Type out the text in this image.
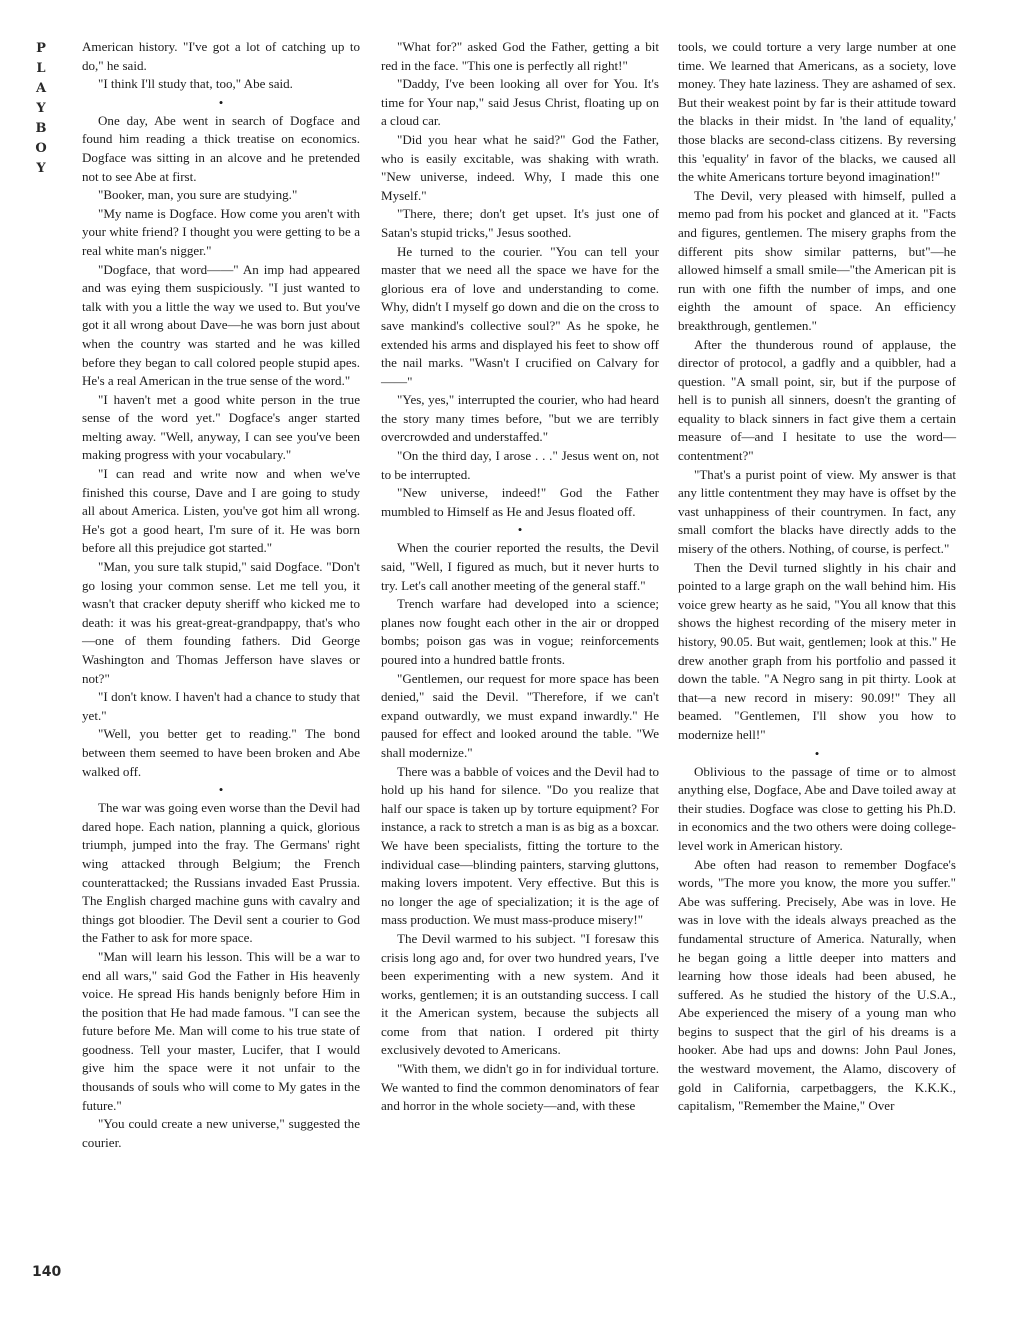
P
L
A
Y
B
O
Y

American history. "I've got a lot of catching up to do," he said.

"I think I'll study that, too," Abe said.

•

One day, Abe went in search of Dogface and found him reading a thick treatise on economics. Dogface was sitting in an alcove and he pretended not to see Abe at first.

"Booker, man, you sure are studying."

"My name is Dogface. How come you aren't with your white friend? I thought you were getting to be a real white man's nigger."

"Dogface, that word——" An imp had appeared and was eying them suspiciously. "I just wanted to talk with you a little the way we used to. But you've got it all wrong about Dave—he was born just about when the country was started and he was killed before they began to call colored people stupid apes. He's a real American in the true sense of the word."

"I haven't met a good white person in the true sense of the word yet." Dogface's anger started melting away. "Well, anyway, I can see you've been making progress with your vocabulary."

"I can read and write now and when we've finished this course, Dave and I are going to study all about America. Listen, you've got him all wrong. He's got a good heart, I'm sure of it. He was born before all this prejudice got started."

"Man, you sure talk stupid," said Dogface. "Don't go losing your common sense. Let me tell you, it wasn't that cracker deputy sheriff who kicked me to death: it was his great-great-grandpappy, that's who—one of them founding fathers. Did George Washington and Thomas Jefferson have slaves or not?"

"I don't know. I haven't had a chance to study that yet."

"Well, you better get to reading." The bond between them seemed to have been broken and Abe walked off.

•

The war was going even worse than the Devil had dared hope. Each nation, planning a quick, glorious triumph, jumped into the fray. The Germans' right wing attacked through Belgium; the French counterattacked; the Russians invaded East Prussia. The English charged machine guns with cavalry and things got bloodier. The Devil sent a courier to God the Father to ask for more space.

"Man will learn his lesson. This will be a war to end all wars," said God the Father in His heavenly voice. He spread His hands benignly before Him in the position that He had made famous. "I can see the future before Me. Man will come to his true state of goodness. Tell your master, Lucifer, that I would give him the space were it not unfair to the thousands of souls who will come to My gates in the future."

"You could create a new universe," suggested the courier.

"What for?" asked God the Father, getting a bit red in the face. "This one is perfectly all right!"

"Daddy, I've been looking all over for You. It's time for Your nap," said Jesus Christ, floating up on a cloud car.

"Did you hear what he said?" God the Father, who is easily excitable, was shaking with wrath. "New universe, indeed. Why, I made this one Myself."

"There, there; don't get upset. It's just one of Satan's stupid tricks," Jesus soothed.

He turned to the courier. "You can tell your master that we need all the space we have for the glorious era of love and understanding to come. Why, didn't I myself go down and die on the cross to save mankind's collective soul?" As he spoke, he extended his arms and displayed his feet to show off the nail marks. "Wasn't I crucified on Calvary for——"

"Yes, yes," interrupted the courier, who had heard the story many times before, "but we are terribly overcrowded and understaffed."

"On the third day, I arose . . ." Jesus went on, not to be interrupted.

"New universe, indeed!" God the Father mumbled to Himself as He and Jesus floated off.

•

When the courier reported the results, the Devil said, "Well, I figured as much, but it never hurts to try. Let's call another meeting of the general staff."

Trench warfare had developed into a science; planes now fought each other in the air or dropped bombs; poison gas was in vogue; reinforcements poured into a hundred battle fronts.

"Gentlemen, our request for more space has been denied," said the Devil. "Therefore, if we can't expand outwardly, we must expand inwardly." He paused for effect and looked around the table. "We shall modernize."

There was a babble of voices and the Devil had to hold up his hand for silence. "Do you realize that half our space is taken up by torture equipment? For instance, a rack to stretch a man is as big as a boxcar. We have been specialists, fitting the torture to the individual case—blinding painters, starving gluttons, making lovers impotent. Very effective. But this is no longer the age of specialization; it is the age of mass production. We must mass-produce misery!"

The Devil warmed to his subject. "I foresaw this crisis long ago and, for over two hundred years, I've been experimenting with a new system. And it works, gentlemen; it is an outstanding success. I call it the American system, because the subjects all come from that nation. I ordered pit thirty exclusively devoted to Americans.

"With them, we didn't go in for individual torture. We wanted to find the common denominators of fear and horror in the whole society—and, with these

tools, we could torture a very large number at one time. We learned that Americans, as a society, love money. They hate laziness. They are ashamed of sex. But their weakest point by far is their attitude toward the blacks in their midst. In 'the land of equality,' those blacks are second-class citizens. By reversing this 'equality' in favor of the blacks, we caused all the white Americans torture beyond imagination!"

The Devil, very pleased with himself, pulled a memo pad from his pocket and glanced at it. "Facts and figures, gentlemen. The misery graphs from the different pits show similar patterns, but"—he allowed himself a small smile—"the American pit is run with one fifth the number of imps, and one eighth the amount of space. An efficiency breakthrough, gentlemen."

After the thunderous round of applause, the director of protocol, a gadfly and a quibbler, had a question. "A small point, sir, but if the purpose of hell is to punish all sinners, doesn't the granting of equality to black sinners in fact give them a certain measure of—and I hesitate to use the word—contentment?"

"That's a purist point of view. My answer is that any little contentment they may have is offset by the vast unhappiness of their countrymen. In fact, any small comfort the blacks have directly adds to the misery of the others. Nothing, of course, is perfect."

Then the Devil turned slightly in his chair and pointed to a large graph on the wall behind him. His voice grew hearty as he said, "You all know that this shows the highest recording of the misery meter in history, 90.05. But wait, gentlemen; look at this." He drew another graph from his portfolio and passed it down the table. "A Negro sang in pit thirty. Look at that—a new record in misery: 90.09!" They all beamed. "Gentlemen, I'll show you how to modernize hell!"

•

Oblivious to the passage of time or to almost anything else, Dogface, Abe and Dave toiled away at their studies. Dogface was close to getting his Ph.D. in economics and the two others were doing college-level work in American history.

Abe often had reason to remember Dogface's words, "The more you know, the more you suffer." Abe was suffering. Precisely, Abe was in love. He was in love with the ideals always preached as the fundamental structure of America. Naturally, when he began going a little deeper into matters and learning how those ideals had been abused, he suffered. As he studied the history of the U.S.A., Abe experienced the misery of a young man who begins to suspect that the girl of his dreams is a hooker. Abe had ups and downs: John Paul Jones, the westward movement, the Alamo, discovery of gold in California, carpetbaggers, the K.K.K., capitalism, "Remember the Maine," Over

140
